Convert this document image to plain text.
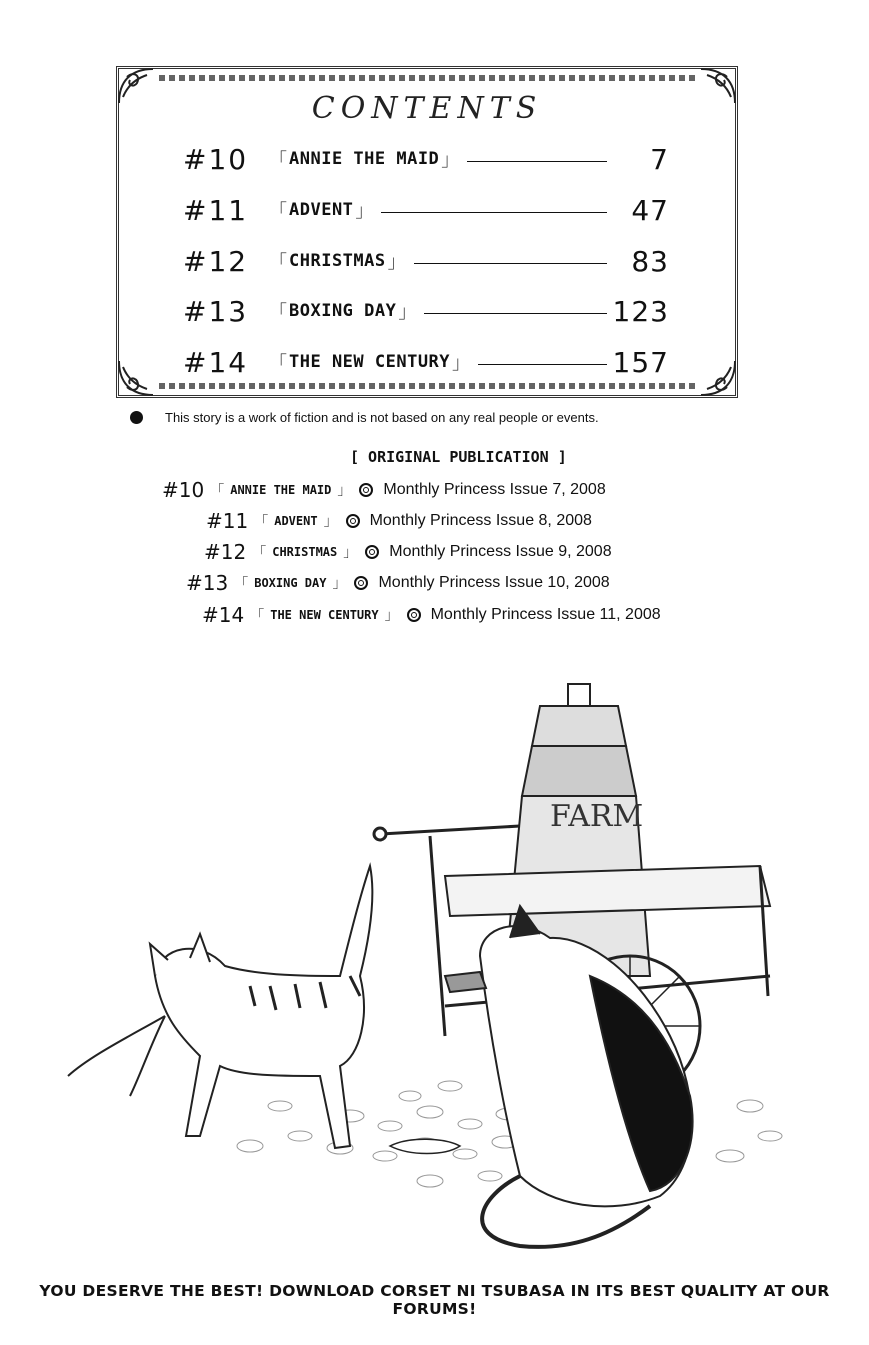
CONTENTS
#10	「 ANNIE THE MAID 」	7
#11	「 ADVENT 」	47
#12	「 CHRISTMAS 」	83
#13	「 BOXING DAY 」	123
#14	「 THE NEW CENTURY 」	157
This story is a work of fiction and is not based on any real people or events.
[ ORIGINAL PUBLICATION ]
#10 「 ANNIE THE MAID 」 Monthly Princess Issue 7, 2008
#11 「 ADVENT 」 Monthly Princess Issue 8, 2008
#12 「 CHRISTMAS 」 Monthly Princess Issue 9, 2008
#13 「 BOXING DAY 」 Monthly Princess Issue 10, 2008
#14 「 THE NEW CENTURY 」 Monthly Princess Issue 11, 2008
FARM
YOU DESERVE THE BEST! DOWNLOAD CORSET NI TSUBASA IN ITS BEST QUALITY AT OUR FORUMS!
